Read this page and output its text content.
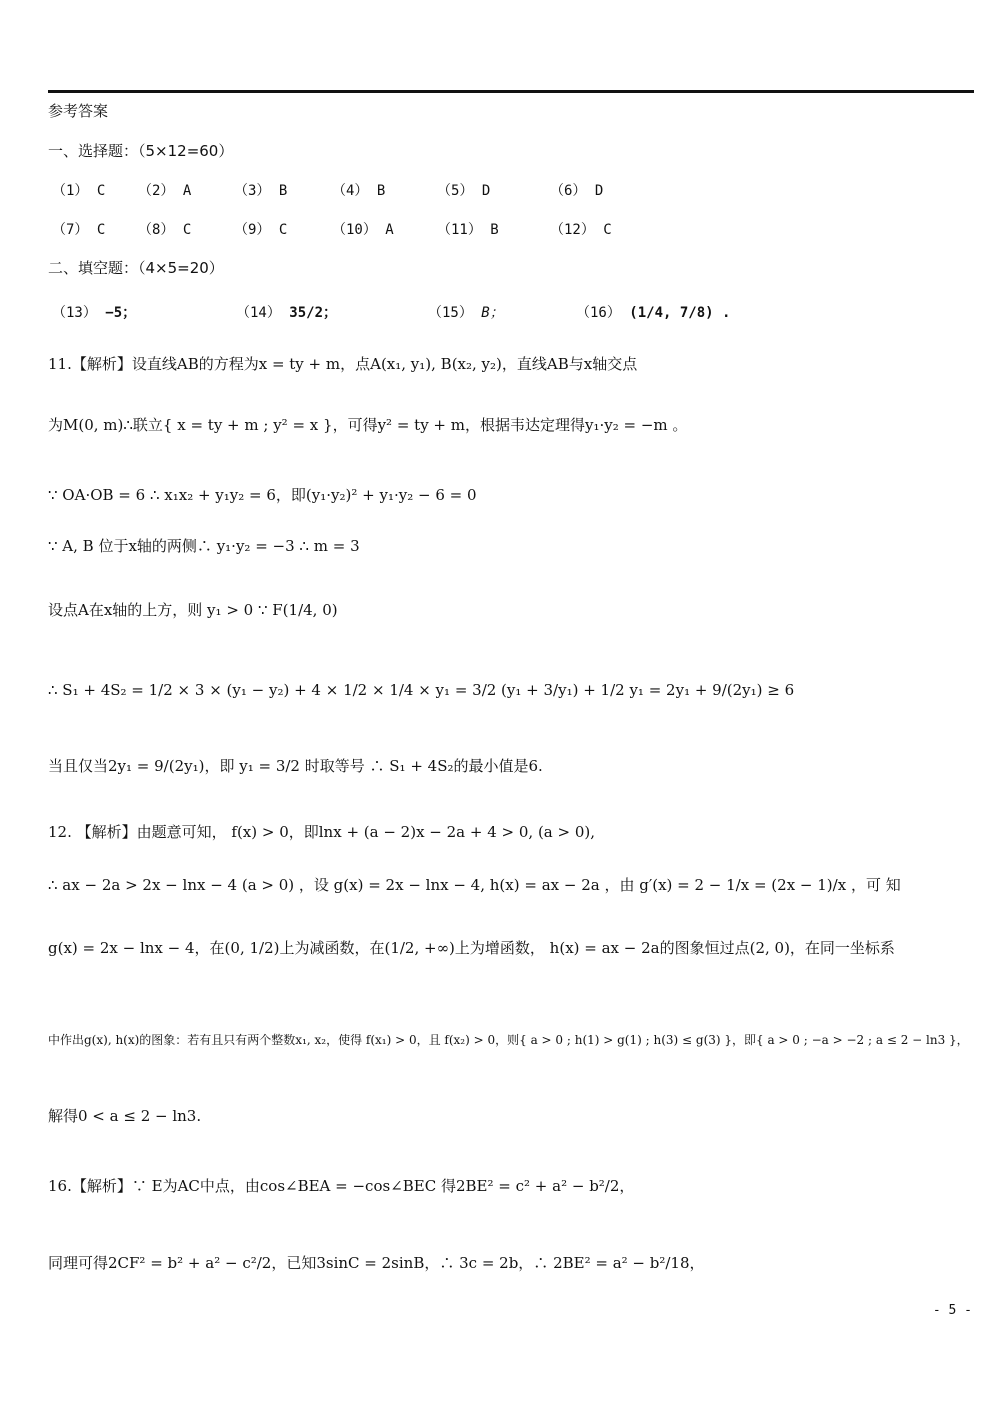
参考答案
一、选择题：（5×12=60）
（1） C （2） A	（3） B	（4） B	（5） D	（6） D
（7） C （8） C	（9） C	（10） A	（11） B	（12） C
二、填空题：（4×5=20）
（13） −5；	（14） 35/2；	（15） B；	（16） (1/4, 7/8) .
11.【解析】设直线AB的方程为x = ty + m，点A(x₁, y₁), B(x₂, y₂)，直线AB与x轴交点
为M(0, m)∴联立{ x = ty + m ; y² = x }，可得y² = ty + m，根据韦达定理得y₁·y₂ = −m 。
∵ OA·OB = 6 ∴ x₁x₂ + y₁y₂ = 6，即(y₁·y₂)² + y₁·y₂ − 6 = 0
∵ A, B 位于x轴的两侧∴ y₁·y₂ = −3 ∴ m = 3
设点A在x轴的上方，则 y₁ > 0 ∵ F(1/4, 0)
∴ S₁ + 4S₂ = 1/2 × 3 × (y₁ − y₂) + 4 × 1/2 × 1/4 × y₁ = 3/2 (y₁ + 3/y₁) + 1/2 y₁ = 2y₁ + 9/(2y₁) ≥ 6
当且仅当2y₁ = 9/(2y₁)，即 y₁ = 3/2 时取等号 ∴ S₁ + 4S₂的最小值是6.
12. 【解析】由题意可知， f(x) > 0，即lnx + (a − 2)x − 2a + 4 > 0, (a > 0),
∴ ax − 2a > 2x − lnx − 4 (a > 0) ，设 g(x) = 2x − lnx − 4, h(x) = ax − 2a ，由 g′(x) = 2 − 1/x = (2x − 1)/x ，可 知
g(x) = 2x − lnx − 4，在(0, 1/2)上为减函数，在(1/2, +∞)上为增函数， h(x) = ax − 2a的图象恒过点(2, 0)，在同一坐标系
中作出g(x), h(x)的图象：若有且只有两个整数x₁, x₂，使得 f(x₁) > 0，且 f(x₂) > 0，则{ a > 0 ; h(1) > g(1) ; h(3) ≤ g(3) }，即{ a > 0 ; −a > −2 ; a ≤ 2 − ln3 }，
解得0 < a ≤ 2 − ln3.
16.【解析】∵ E为AC中点，由cos∠BEA = −cos∠BEC 得2BE² = c² + a² − b²/2，
同理可得2CF² = b² + a² − c²/2，已知3sinC = 2sinB，∴ 3c = 2b，∴ 2BE² = a² − b²/18，
- 5 -
